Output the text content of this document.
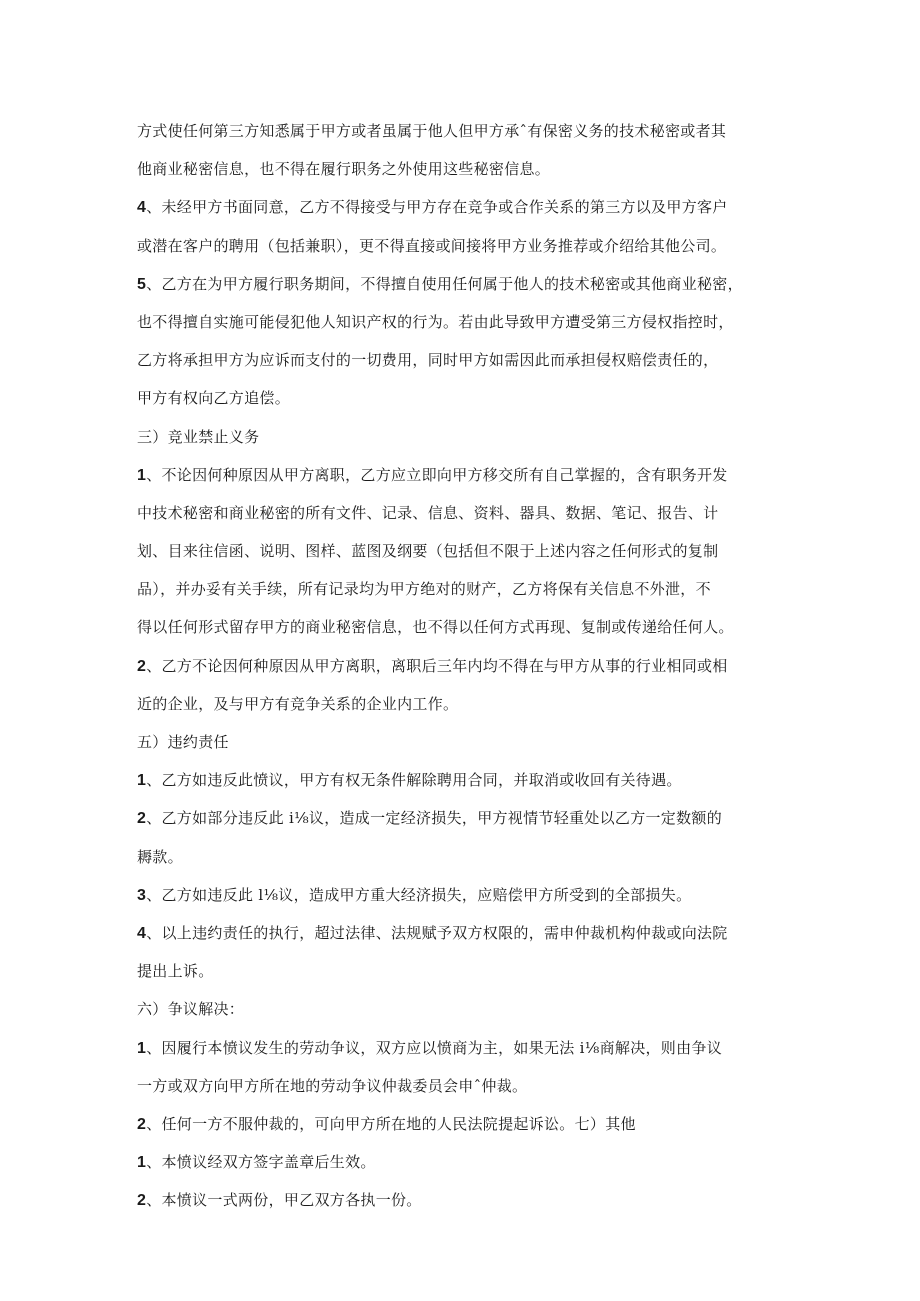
方式使任何第三方知悉属于甲方或者虽属于他人但甲方承ˆ有保密义务的技术秘密或者其
他商业秘密信息，也不得在履行职务之外使用这些秘密信息。
4、未经甲方书面同意，乙方不得接受与甲方存在竞争或合作关系的第三方以及甲方客户
或潜在客户的聘用（包括兼职），更不得直接或间接将甲方业务推荐或介绍给其他公司。
5、乙方在为甲方履行职务期间，不得擅自使用任何属于他人的技术秘密或其他商业秘密，
也不得擅自实施可能侵犯他人知识产权的行为。若由此导致甲方遭受第三方侵权指控时，
乙方将承担甲方为应诉而支付的一切费用，同时甲方如需因此而承担侵权赔偿责任的，
甲方有权向乙方追偿。
三）竞业禁止义务
1、不论因何种原因从甲方离职，乙方应立即向甲方移交所有自己掌握的，含有职务开发
中技术秘密和商业秘密的所有文件、记录、信息、资料、器具、数据、笔记、报告、计
划、目来往信函、说明、图样、蓝图及纲要（包括但不限于上述内容之任何形式的复制
品），并办妥有关手续，所有记录均为甲方绝对的财产，乙方将保有关信息不外泄，不
得以任何形式留存甲方的商业秘密信息，也不得以任何方式再现、复制或传递给任何人。
2、乙方不论因何种原因从甲方离职，离职后三年内均不得在与甲方从事的行业相同或相
近的企业，及与甲方有竞争关系的企业内工作。
五）违约责任
1、乙方如违反此愤议，甲方有权无条件解除聘用合同，并取消或收回有关待遇。
2、乙方如部分违反此 i⅛议，造成一定经济损失，甲方视情节轻重处以乙方一定数额的
耨款。
3、乙方如违反此 l⅛议，造成甲方重大经济损失，应赔偿甲方所受到的全部损失。
4、以上违约责任的执行，超过法律、法规赋予双方权限的，需申仲裁机构仲裁或向法院
提出上诉。
六）争议解决：
1、因履行本愤议发生的劳动争议，双方应以愤商为主，如果无法 i⅛商解决，则由争议
一方或双方向甲方所在地的劳动争议仲裁委员会申ˆ仲裁。
2、任何一方不服仲裁的，可向甲方所在地的人民法院提起诉讼。七）其他
1、本愤议经双方签字盖章后生效。
2、本愤议一式两份，甲乙双方各执一份。
